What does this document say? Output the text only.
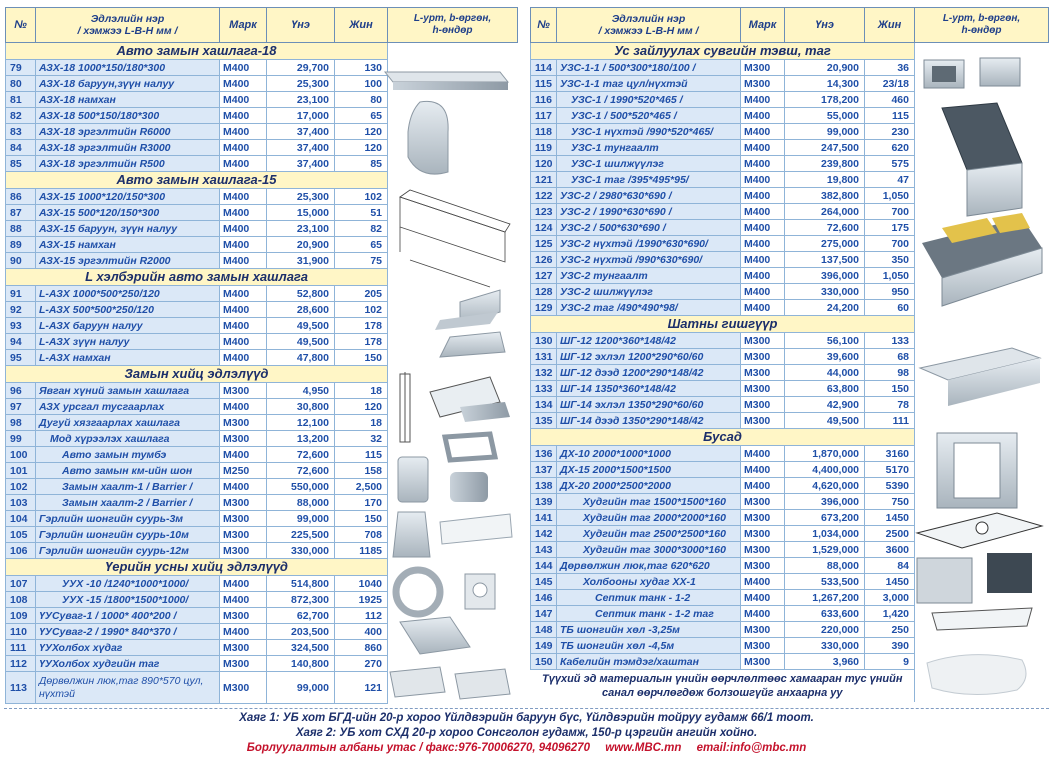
№	Эдлэлийн нэр
/ хэмжээ L-B-H мм /	Марк	Үнэ	Жин	L-урт, b-өргөн,
h-өндөр
Авто замын хашлага-18					
79	АЗХ-18 1000*150/180*300	М400	29,700	130	
80	АЗХ-18 баруун,зүүн налуу	М400	25,300	100	
81	АЗХ-18 намхан	М400	23,100	80	
82	АЗХ-18 500*150/180*300	М400	17,000	65	
83	АЗХ-18 эргэлтийн R6000	М400	37,400	120	
84	АЗХ-18 эргэлтийн R3000	М400	37,400	120	
85	АЗХ-18 эргэлтийн R500	М400	37,400	85	
Авто замын хашлага-15					
86	АЗХ-15 1000*120/150*300	М400	25,300	102	
87	АЗХ-15 500*120/150*300	М400	15,000	51	
88	АЗХ-15 баруун, зүүн налуу	М400	23,100	82	
89	АЗХ-15 намхан	М400	20,900	65	
90	АЗХ-15 эргэлтийн R2000	М400	31,900	75	
L хэлбэрийн авто замын хашлага					
91	L-АЗХ 1000*500*250/120	М400	52,800	205	
92	L-АЗХ 500*500*250/120	М400	28,600	102	
93	L-АЗХ баруун налуу	М400	49,500	178	
94	L-АЗХ зүүн налуу	М400	49,500	178	
95	L-АЗХ намхан	М400	47,800	150	
Замын хийц эдлэлүүд					
96	Явган хүний замын хашлага	М300	4,950	18	
97	АЗХ урсгал тусгаарлах	М400	30,800	120	
98	Дугуй хязгаарлах хашлага	М300	12,100	18	
99	Мод хүрээлэх хашлага	М300	13,200	32	
100	Авто замын тумбэ	М400	72,600	115	
101	Авто замын км-ийн шон	М250	72,600	158	
102	Замын хаалт-1 / Barrier /	М400	550,000	2,500	
103	Замын хаалт-2 / Barrier /	М300	88,000	170	
104	Гэрлийн шонгийн суурь-3м	М300	99,000	150	
105	Гэрлийн шонгийн суурь-10м	М300	225,500	708	
106	Гэрлийн шонгийн суурь-12м	М300	330,000	1185	
Үерийн усны хийц эдлэлүүд					
107	УУХ -10 /1240*1000*1000/	М400	514,800	1040	
108	УУХ -15 /1800*1500*1000/	М400	872,300	1925	
109	ҮУСуваг-1 / 1000* 400*200 /	М300	62,700	112	
110	ҮУСуваг-2 / 1990* 840*370 /	М400	203,500	400	
111	ҮУХолбох хүдаг	М300	324,500	860	
112	ҮУХолбох худгийн таг	М300	140,800	270	
113	Дөрвөлжин люк,таг 890*570 цул, нүхтэй	М300	99,000	121	
№	Эдлэлийн нэр
/ хэмжээ L-B-H мм /	Марк	Үнэ	Жин	L-урт, b-өргөн,
h-өндөр
Ус зайлуулах сувгийн тэвш, таг					
114	УЗС-1-1 / 500*300*180/100 /	М300	20,900	36	
115	УЗС-1-1 таг цул/нүхтэй	М300	14,300	23/18	
116	УЗС-1 / 1990*520*465 /	М400	178,200	460	
117	УЗС-1 / 500*520*465 /	М400	55,000	115	
118	УЗС-1 нүхтэй /990*520*465/	М400	99,000	230	
119	УЗС-1 тунгаалт	М400	247,500	620	
120	УЗС-1 шилжүүлэг	М400	239,800	575	
121	УЗС-1 таг /395*495*95/	М400	19,800	47	
122	УЗС-2 / 2980*630*690 /	М400	382,800	1,050	
123	УЗС-2 / 1990*630*690 /	М400	264,000	700	
124	УЗС-2 / 500*630*690 /	М400	72,600	175	
125	УЗС-2 нүхтэй /1990*630*690/	М400	275,000	700	
126	УЗС-2 нүхтэй /990*630*690/	М400	137,500	350	
127	УЗС-2 тунгаалт	М400	396,000	1,050	
128	УЗС-2 шилжүүлэг	М400	330,000	950	
129	УЗС-2 таг /490*490*98/	М400	24,200	60	
Шатны гишгүүр					
130	ШГ-12 1200*360*148/42	М300	56,100	133	
131	ШГ-12 эхлэл 1200*290*60/60	М300	39,600	68	
132	ШГ-12 дээд 1200*290*148/42	М300	44,000	98	
133	ШГ-14 1350*360*148/42	М300	63,800	150	
134	ШГ-14 эхлэл 1350*290*60/60	М300	42,900	78	
135	ШГ-14 дээд 1350*290*148/42	М300	49,500	111	
Бусад					
136	ДХ-10 2000*1000*1000	М400	1,870,000	3160	
137	ДХ-15 2000*1500*1500	М400	4,400,000	5170	
138	ДХ-20 2000*2500*2000	М400	4,620,000	5390	
139	Худгийн таг 1500*1500*160	М300	396,000	750	
141	Худгийн таг 2000*2000*160	М300	673,200	1450	
142	Худгийн таг 2500*2500*160	М300	1,034,000	2500	
143	Худгийн таг 3000*3000*160	М300	1,529,000	3600	
144	Дөрвөлжин люк,таг 620*620	М300	88,000	84	
145	Холбооны худаг ХХ-1	М400	533,500	1450	
146	Септик танк - 1-2	М400	1,267,200	3,000	
147	Септик танк - 1-2 таг	М400	633,600	1,420	
148	ТБ шонгийн хөл -3,25м	М300	220,000	250	
149	ТБ шонгийн хөл -4,5м	М300	330,000	390	
150	Кабелийн тэмдэг/хаштан	М300	3,960	9	
Түүхий эд материалын үнийн өөрчлөлтөөс хамааран тус үнийн санал өөрчлөгдөж болзошгүйг анхаарна уу					
Хаяг 1: УБ хот БГД-ийн 20-р хороо Үйлдвэрийн баруун бүс, Үйлдвэрийн тойруу гудамж 66/1 тоот.
Хаяг 2: УБ хот СХД 20-р хороо Сонсголон гудамж, 150-р цэргийн ангийн хойно.
Борлуулалтын албаны утас / факс:976-70006270, 94096270 www.MBC.mn email:info@mbc.mn
